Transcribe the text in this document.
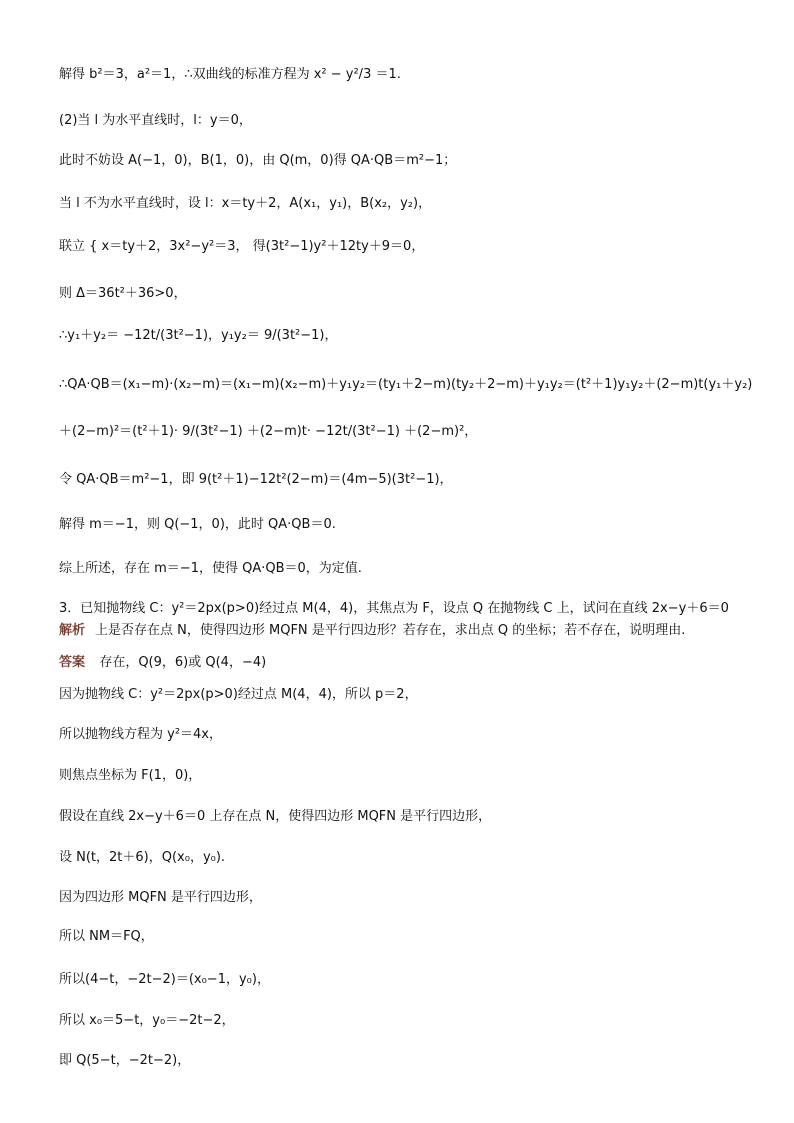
解得 b²＝3，a²＝1，∴双曲线的标准方程为 x² − y²/3 ＝1.
(2)当 l 为水平直线时，l：y＝0，
此时不妨设 A(−1，0)，B(1，0)，由 Q(m，0)得 QA·QB＝m²−1；
当 l 不为水平直线时，设 l：x＝ty＋2，A(x₁，y₁)，B(x₂，y₂)，
联立 { x＝ty＋2，3x²−y²＝3， 得(3t²−1)y²＋12ty＋9＝0，
则 Δ＝36t²＋36>0，
∴y₁＋y₂＝ −12t/(3t²−1)，y₁y₂＝ 9/(3t²−1)，
∴QA·QB＝(x₁−m)·(x₂−m)＝(x₁−m)(x₂−m)＋y₁y₂＝(ty₁＋2−m)(ty₂＋2−m)＋y₁y₂＝(t²＋1)y₁y₂＋(2−m)t(y₁＋y₂)
＋(2−m)²＝(t²＋1)· 9/(3t²−1) ＋(2−m)t· −12t/(3t²−1) ＋(2−m)²，
令 QA·QB＝m²−1，即 9(t²＋1)−12t²(2−m)＝(4m−5)(3t²−1)，
解得 m＝−1，则 Q(−1，0)，此时 QA·QB＝0.
综上所述，存在 m＝−1，使得 QA·QB＝0，为定值.
3．已知抛物线 C：y²＝2px(p>0)经过点 M(4，4)，其焦点为 F，设点 Q 在抛物线 C 上，试问在直线 2x−y＋6＝0
解析 上是否存在点 N，使得四边形 MQFN 是平行四边形？若存在，求出点 Q 的坐标；若不存在，说明理由.
因为抛物线 C：y²＝2px(p>0)经过点 M(4，4)，所以 p＝2，
所以抛物线方程为 y²＝4x，
则焦点坐标为 F(1，0)，
假设在直线 2x−y＋6＝0 上存在点 N，使得四边形 MQFN 是平行四边形，
设 N(t，2t＋6)，Q(x₀，y₀).
因为四边形 MQFN 是平行四边形，
所以 NM＝FQ，
所以(4−t，−2t−2)＝(x₀−1，y₀)，
所以 x₀＝5−t，y₀＝−2t−2，
即 Q(5−t，−2t−2)，
答案 存在，Q(9，6)或 Q(4，−4)
